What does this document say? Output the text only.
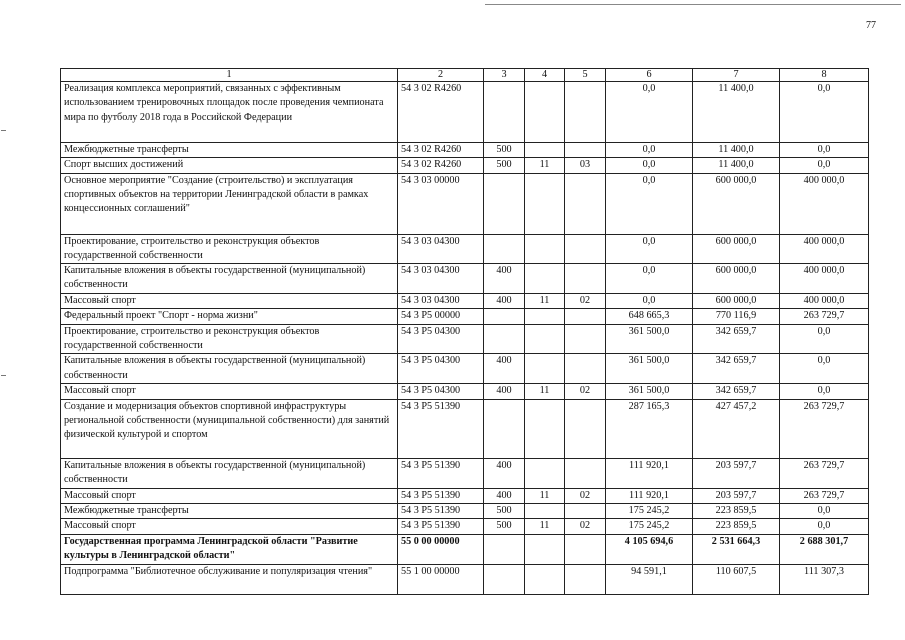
77
1	2	3	4	5	6	7	8
Реализация комплекса мероприятий, связанных с эффективным использованием тренировочных площадок после проведения чемпионата мира по футболу 2018 года в Российской Федерации	54 3 02 R4260				0,0	11 400,0	0,0
Межбюджетные трансферты	54 3 02 R4260	500			0,0	11 400,0	0,0
Спорт высших достижений	54 3 02 R4260	500	11	03	0,0	11 400,0	0,0
Основное мероприятие "Создание (строительство) и эксплуатация спортивных объектов на территории Ленинградской области в рамках концессионных соглашений"	54 3 03 00000				0,0	600 000,0	400 000,0
Проектирование, строительство и реконструкция объектов государственной собственности	54 3 03 04300				0,0	600 000,0	400 000,0
Капитальные вложения в объекты государственной (муниципальной) собственности	54 3 03 04300	400			0,0	600 000,0	400 000,0
Массовый спорт	54 3 03 04300	400	11	02	0,0	600 000,0	400 000,0
Федеральный проект "Спорт - норма жизни"	54 3 P5 00000				648 665,3	770 116,9	263 729,7
Проектирование, строительство и реконструкция объектов государственной собственности	54 3 P5 04300				361 500,0	342 659,7	0,0
Капитальные вложения в объекты государственной (муниципальной) собственности	54 3 P5 04300	400			361 500,0	342 659,7	0,0
Массовый спорт	54 3 P5 04300	400	11	02	361 500,0	342 659,7	0,0
Создание и модернизация объектов спортивной инфраструктуры региональной собственности (муниципальной собственности) для занятий физической культурой и спортом	54 3 P5 51390				287 165,3	427 457,2	263 729,7
Капитальные вложения в объекты государственной (муниципальной) собственности	54 3 P5 51390	400			111 920,1	203 597,7	263 729,7
Массовый спорт	54 3 P5 51390	400	11	02	111 920,1	203 597,7	263 729,7
Межбюджетные трансферты	54 3 P5 51390	500			175 245,2	223 859,5	0,0
Массовый спорт	54 3 P5 51390	500	11	02	175 245,2	223 859,5	0,0
Государственная программа Ленинградской области "Развитие культуры в Ленинградской области"	55 0 00 00000				4 105 694,6	2 531 664,3	2 688 301,7
Подпрограмма "Библиотечное обслуживание и популяризация чтения"	55 1 00 00000				94 591,1	110 607,5	111 307,3
